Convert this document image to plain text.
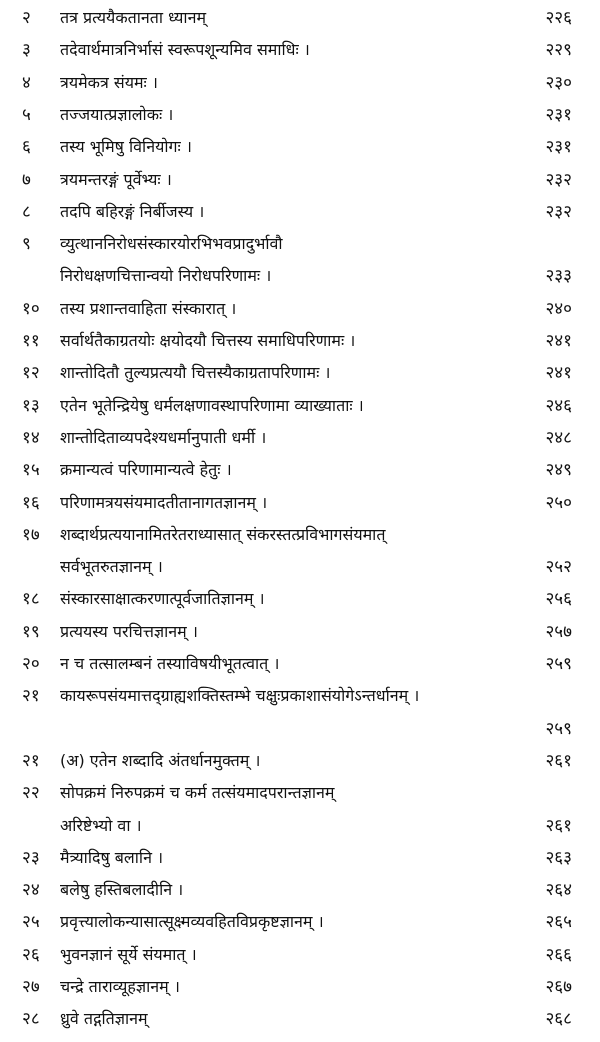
२ तत्र प्रत्ययैकतानता ध्यानम्	२२६
३ तदेवार्थमात्रनिर्भासं स्वरूपशून्यमिव समाधिः ।	२२९
४ त्रयमेकत्र संयमः ।	२३०
५ तज्जयात्प्रज्ञालोकः ।	२३१
६ तस्य भूमिषु विनियोगः ।	२३१
७ त्रयमन्तरङ्गं पूर्वेभ्यः ।	२३२
८ तदपि बहिरङ्गं निर्बीजस्य ।	२३२
९ व्युत्थाननिरोधसंस्कारयोरभिभवप्रादुर्भावौ
निरोधक्षणचित्तान्वयो निरोधपरिणामः ।	२३३
१० तस्य प्रशान्तवाहिता संस्कारात् ।	२४०
११ सर्वार्थतैकाग्रतयोः क्षयोदयौ चित्तस्य समाधिपरिणामः ।	२४१
१२ शान्तोदितौ तुल्यप्रत्ययौ चित्तस्यैकाग्रतापरिणामः ।	२४१
१३ एतेन भूतेन्द्रियेषु धर्मलक्षणावस्थापरिणामा व्याख्याताः ।	२४६
१४ शान्तोदिताव्यपदेश्यधर्मानुपाती धर्मी ।	२४८
१५ क्रमान्यत्वं परिणामान्यत्वे हेतुः ।	२४९
१६ परिणामत्रयसंयमादतीतानागतज्ञानम् ।	२५०
१७ शब्दार्थप्रत्ययानामितरेतराध्यासात् संकरस्तत्प्रविभागसंयमात्
सर्वभूतरुतज्ञानम् ।	२५२
१८ संस्कारसाक्षात्करणात्पूर्वजातिज्ञानम् ।	२५६
१९ प्रत्ययस्य परचित्तज्ञानम् ।	२५७
२० न च तत्सालम्बनं तस्याविषयीभूतत्वात् ।	२५९
२१ कायरूपसंयमात्तद्ग्राह्यशक्तिस्तम्भे चक्षुःप्रकाशासंयोगेऽन्तर्धानम् ।
२५९
२१ (अ) एतेन शब्दादि अंतर्धानमुक्तम् ।	२६१
२२ सोपक्रमं निरुपक्रमं च कर्म तत्संयमादपरान्तज्ञानम्
अरिष्टेभ्यो वा ।	२६१
२३ मैत्र्यादिषु बलानि ।	२६३
२४ बलेषु हस्तिबलादीनि ।	२६४
२५ प्रवृत्त्यालोकन्यासात्सूक्ष्मव्यवहितविप्रकृष्टज्ञानम् ।	२६५
२६ भुवनज्ञानं सूर्ये संयमात् ।	२६६
२७ चन्द्रे ताराव्यूहज्ञानम् ।	२६७
२८ ध्रुवे तद्गतिज्ञानम्	२६८
